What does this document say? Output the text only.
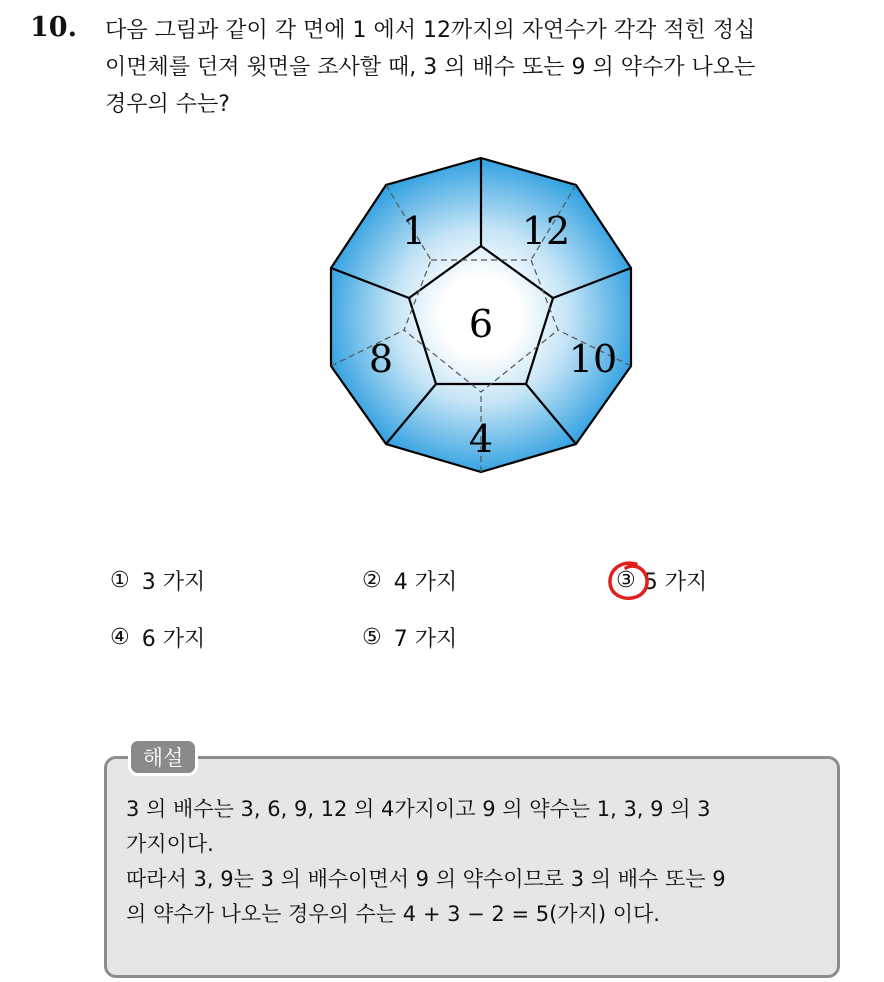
10. 다음 그림과 같이 각 면에 1 에서 12까지의 자연수가 각각 적힌 정십
이면체를 던져 윗면을 조사할 때, 3 의 배수 또는 9 의 약수가 나오는
경우의 수는?
1	12
6
8	10
4
① 3 가지	② 4 가지	③ 5 가지
④ 6 가지	⑤ 7 가지
해설
3 의 배수는 3, 6, 9, 12 의 4가지이고 9 의 약수는 1, 3, 9 의 3
가지이다.
따라서 3, 9는 3 의 배수이면서 9 의 약수이므로 3 의 배수 또는 9
의 약수가 나오는 경우의 수는 4 + 3 − 2 = 5(가지) 이다.
